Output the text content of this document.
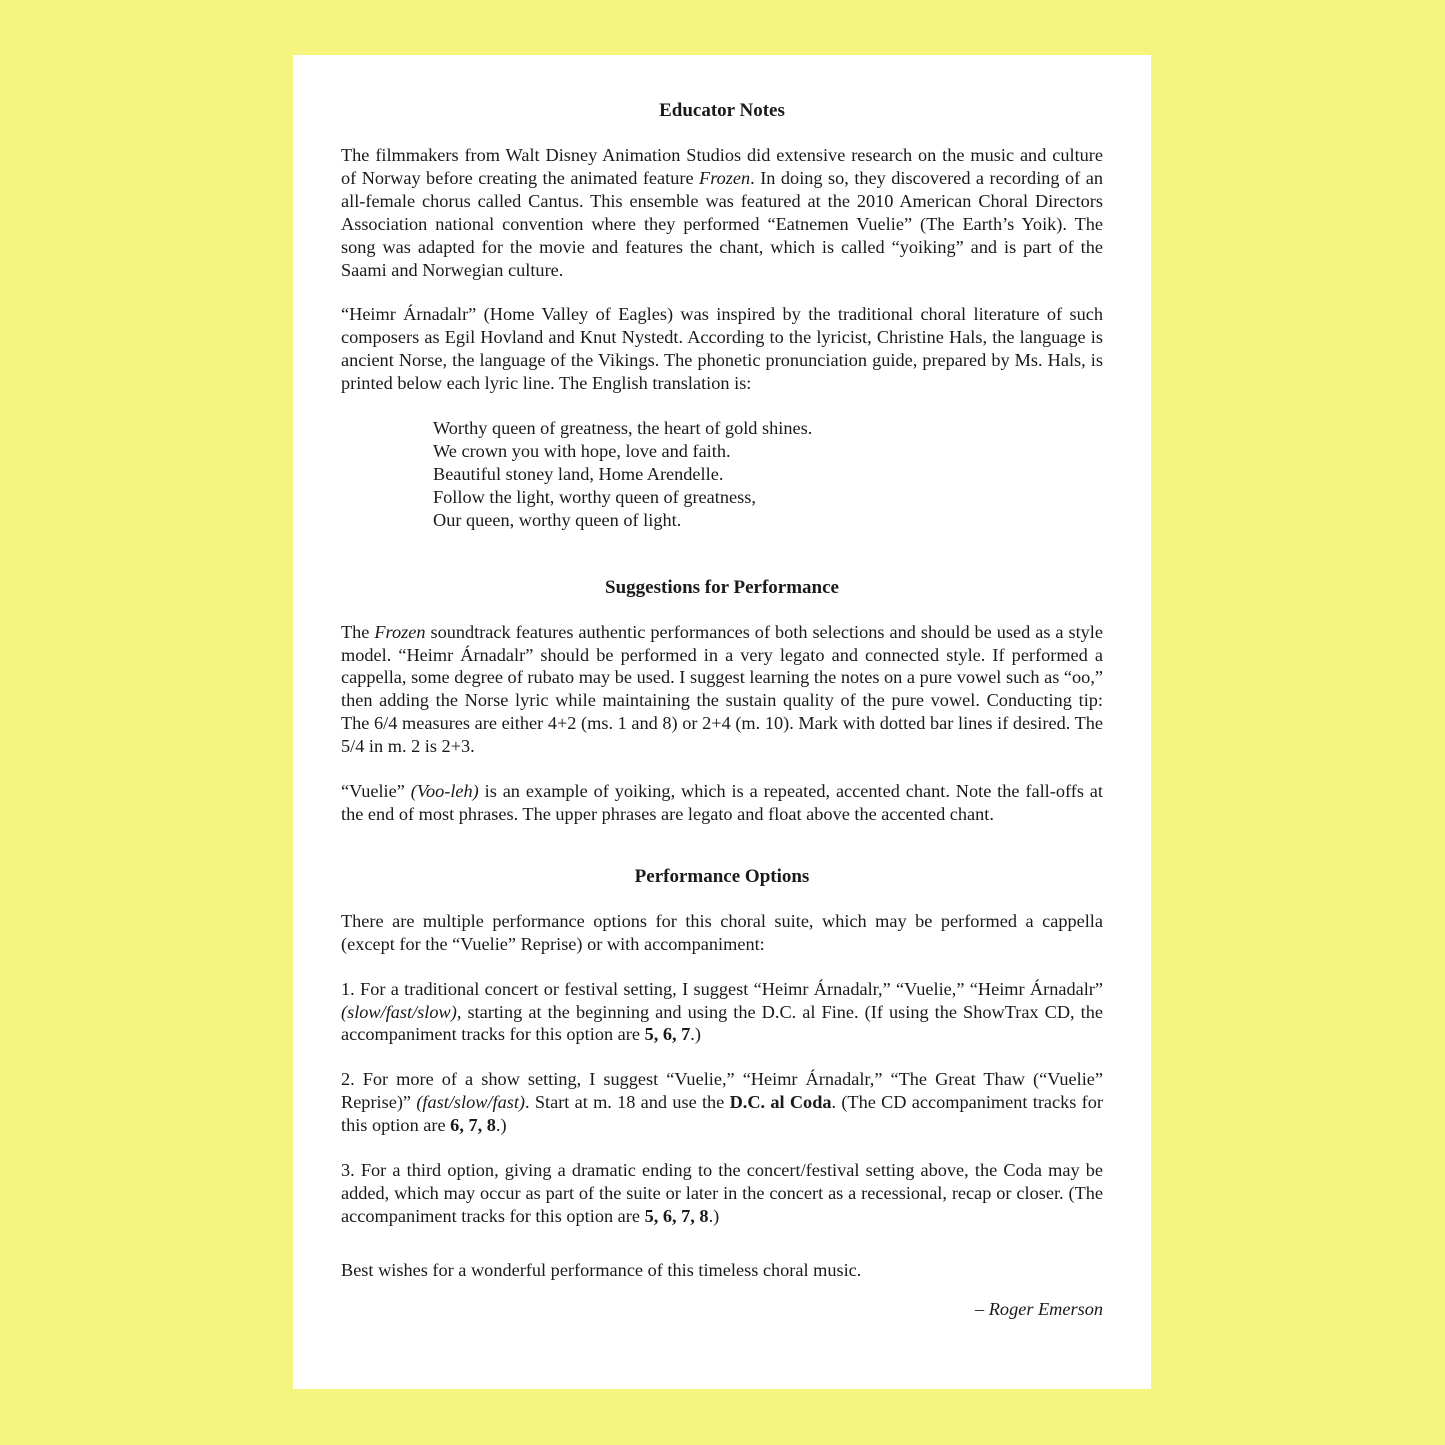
Educator Notes

The filmmakers from Walt Disney Animation Studios did extensive research on the music and culture of Norway before creating the animated feature Frozen. In doing so, they discovered a recording of an all-female chorus called Cantus. This ensemble was featured at the 2010 American Choral Directors Association national convention where they performed “Eatnemen Vuelie” (The Earth’s Yoik). The song was adapted for the movie and features the chant, which is called “yoiking” and is part of the Saami and Norwegian culture.

“Heimr Árnadalr” (Home Valley of Eagles) was inspired by the traditional choral literature of such composers as Egil Hovland and Knut Nystedt. According to the lyricist, Christine Hals, the language is ancient Norse, the language of the Vikings. The phonetic pronunciation guide, prepared by Ms. Hals, is printed below each lyric line. The English translation is:

Worthy queen of greatness, the heart of gold shines.
We crown you with hope, love and faith.
Beautiful stoney land, Home Arendelle.
Follow the light, worthy queen of greatness,
Our queen, worthy queen of light.
Suggestions for Performance

The Frozen soundtrack features authentic performances of both selections and should be used as a style model. “Heimr Árnadalr” should be performed in a very legato and connected style. If performed a cappella, some degree of rubato may be used. I suggest learning the notes on a pure vowel such as “oo,” then adding the Norse lyric while maintaining the sustain quality of the pure vowel. Conducting tip: The 6/4 measures are either 4+2 (ms. 1 and 8) or 2+4 (m. 10). Mark with dotted bar lines if desired. The 5/4 in m. 2 is 2+3.

“Vuelie” (Voo-leh) is an example of yoiking, which is a repeated, accented chant. Note the fall-offs at the end of most phrases. The upper phrases are legato and float above the accented chant.

Performance Options

There are multiple performance options for this choral suite, which may be performed a cappella (except for the “Vuelie” Reprise) or with accompaniment:

1. For a traditional concert or festival setting, I suggest “Heimr Árnadalr,” “Vuelie,” “Heimr Árnadalr” (slow/fast/slow), starting at the beginning and using the D.C. al Fine. (If using the ShowTrax CD, the accompaniment tracks for this option are 5, 6, 7.)

2. For more of a show setting, I suggest “Vuelie,” “Heimr Árnadalr,” “The Great Thaw (“Vuelie” Reprise)” (fast/slow/fast). Start at m. 18 and use the D.C. al Coda. (The CD accompaniment tracks for this option are 6, 7, 8.)

3. For a third option, giving a dramatic ending to the concert/festival setting above, the Coda may be added, which may occur as part of the suite or later in the concert as a recessional, recap or closer. (The accompaniment tracks for this option are 5, 6, 7, 8.)

Best wishes for a wonderful performance of this timeless choral music.

– Roger Emerson
